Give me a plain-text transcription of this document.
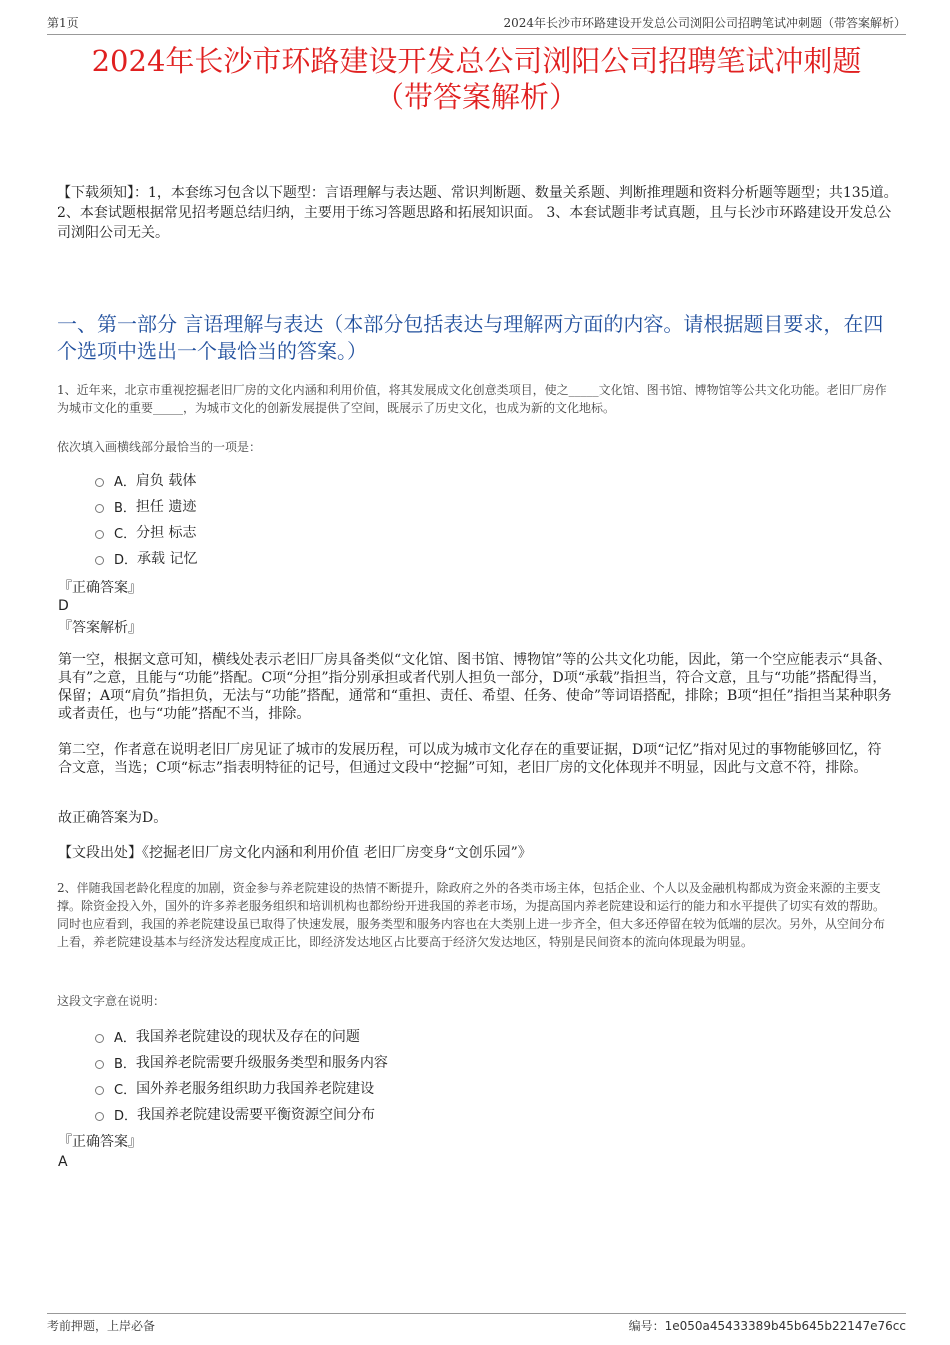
第1页	2024年长沙市环路建设开发总公司浏阳公司招聘笔试冲刺题（带答案解析）
2024年长沙市环路建设开发总公司浏阳公司招聘笔试冲刺题
（带答案解析）
【下载须知】：1，本套练习包含以下题型：言语理解与表达题、常识判断题、数量关系题、判断推理题和资料分析题等题型；共135道。 2、本套试题根据常见招考题总结归纳，主要用于练习答题思路和拓展知识面。 3、本套试题非考试真题，且与长沙市环路建设开发总公司浏阳公司无关。
一、第一部分 言语理解与表达（本部分包括表达与理解两方面的内容。请根据题目要求，在四个选项中选出一个最恰当的答案。）
1、近年来，北京市重视挖掘老旧厂房的文化内涵和利用价值，将其发展成文化创意类项目，使之_____文化馆、图书馆、博物馆等公共文化功能。老旧厂房作为城市文化的重要_____，为城市文化的创新发展提供了空间，既展示了历史文化，也成为新的文化地标。
依次填入画横线部分最恰当的一项是：
A． 肩负 载体
B． 担任 遗迹
C． 分担 标志
D． 承载 记忆
『正确答案』
D
『答案解析』
第一空，根据文意可知，横线处表示老旧厂房具备类似“文化馆、图书馆、博物馆”等的公共文化功能，因此，第一个空应能表示“具备、具有”之意，且能与“功能”搭配。C项“分担”指分别承担或者代别人担负一部分，D项“承载”指担当，符合文意，且与“功能”搭配得当，保留；A项“肩负”指担负，无法与“功能”搭配，通常和“重担、责任、希望、任务、使命”等词语搭配，排除；B项“担任”指担当某种职务或者责任，也与“功能”搭配不当，排除。
第二空，作者意在说明老旧厂房见证了城市的发展历程，可以成为城市文化存在的重要证据，D项“记忆”指对见过的事物能够回忆，符合文意，当选；C项“标志”指表明特征的记号，但通过文段中“挖掘”可知，老旧厂房的文化体现并不明显，因此与文意不符，排除。
故正确答案为D。
【文段出处】《挖掘老旧厂房文化内涵和利用价值 老旧厂房变身“文创乐园”》
2、伴随我国老龄化程度的加剧，资金参与养老院建设的热情不断提升，除政府之外的各类市场主体，包括企业、个人以及金融机构都成为资金来源的主要支撑。除资金投入外，国外的许多养老服务组织和培训机构也都纷纷开进我国的养老市场，为提高国内养老院建设和运行的能力和水平提供了切实有效的帮助。同时也应看到，我国的养老院建设虽已取得了快速发展，服务类型和服务内容也在大类别上进一步齐全，但大多还停留在较为低端的层次。另外，从空间分布上看，养老院建设基本与经济发达程度成正比，即经济发达地区占比要高于经济欠发达地区，特别是民间资本的流向体现最为明显。
这段文字意在说明：
A． 我国养老院建设的现状及存在的问题
B． 我国养老院需要升级服务类型和服务内容
C． 国外养老服务组织助力我国养老院建设
D． 我国养老院建设需要平衡资源空间分布
『正确答案』
A
考前押题，上岸必备	编号：1e050a45433389b45b645b22147e76cc
